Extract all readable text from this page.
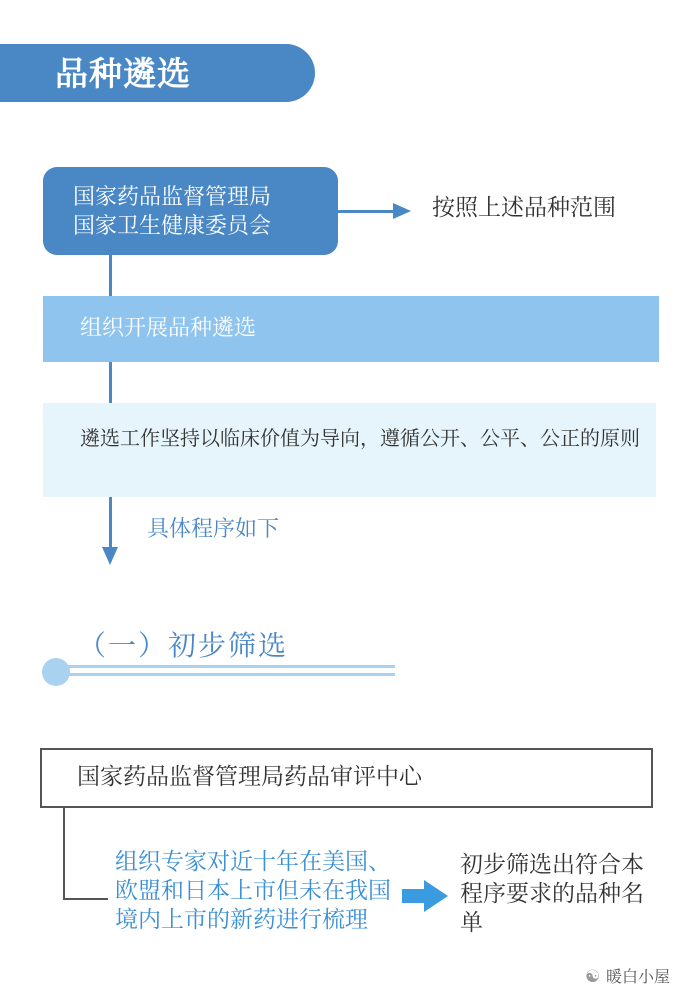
品种遴选
国家药品监督管理局
国家卫生健康委员会
按照上述品种范围
组织开展品种遴选
遴选工作坚持以临床价值为导向，遵循公开、公平、公正的原则
具体程序如下
（一）初步筛选
国家药品监督管理局药品审评中心
组织专家对近十年在美国、欧盟和日本上市但未在我国境内上市的新药进行梳理
初步筛选出符合本程序要求的品种名单
☯ 暖白小屋
